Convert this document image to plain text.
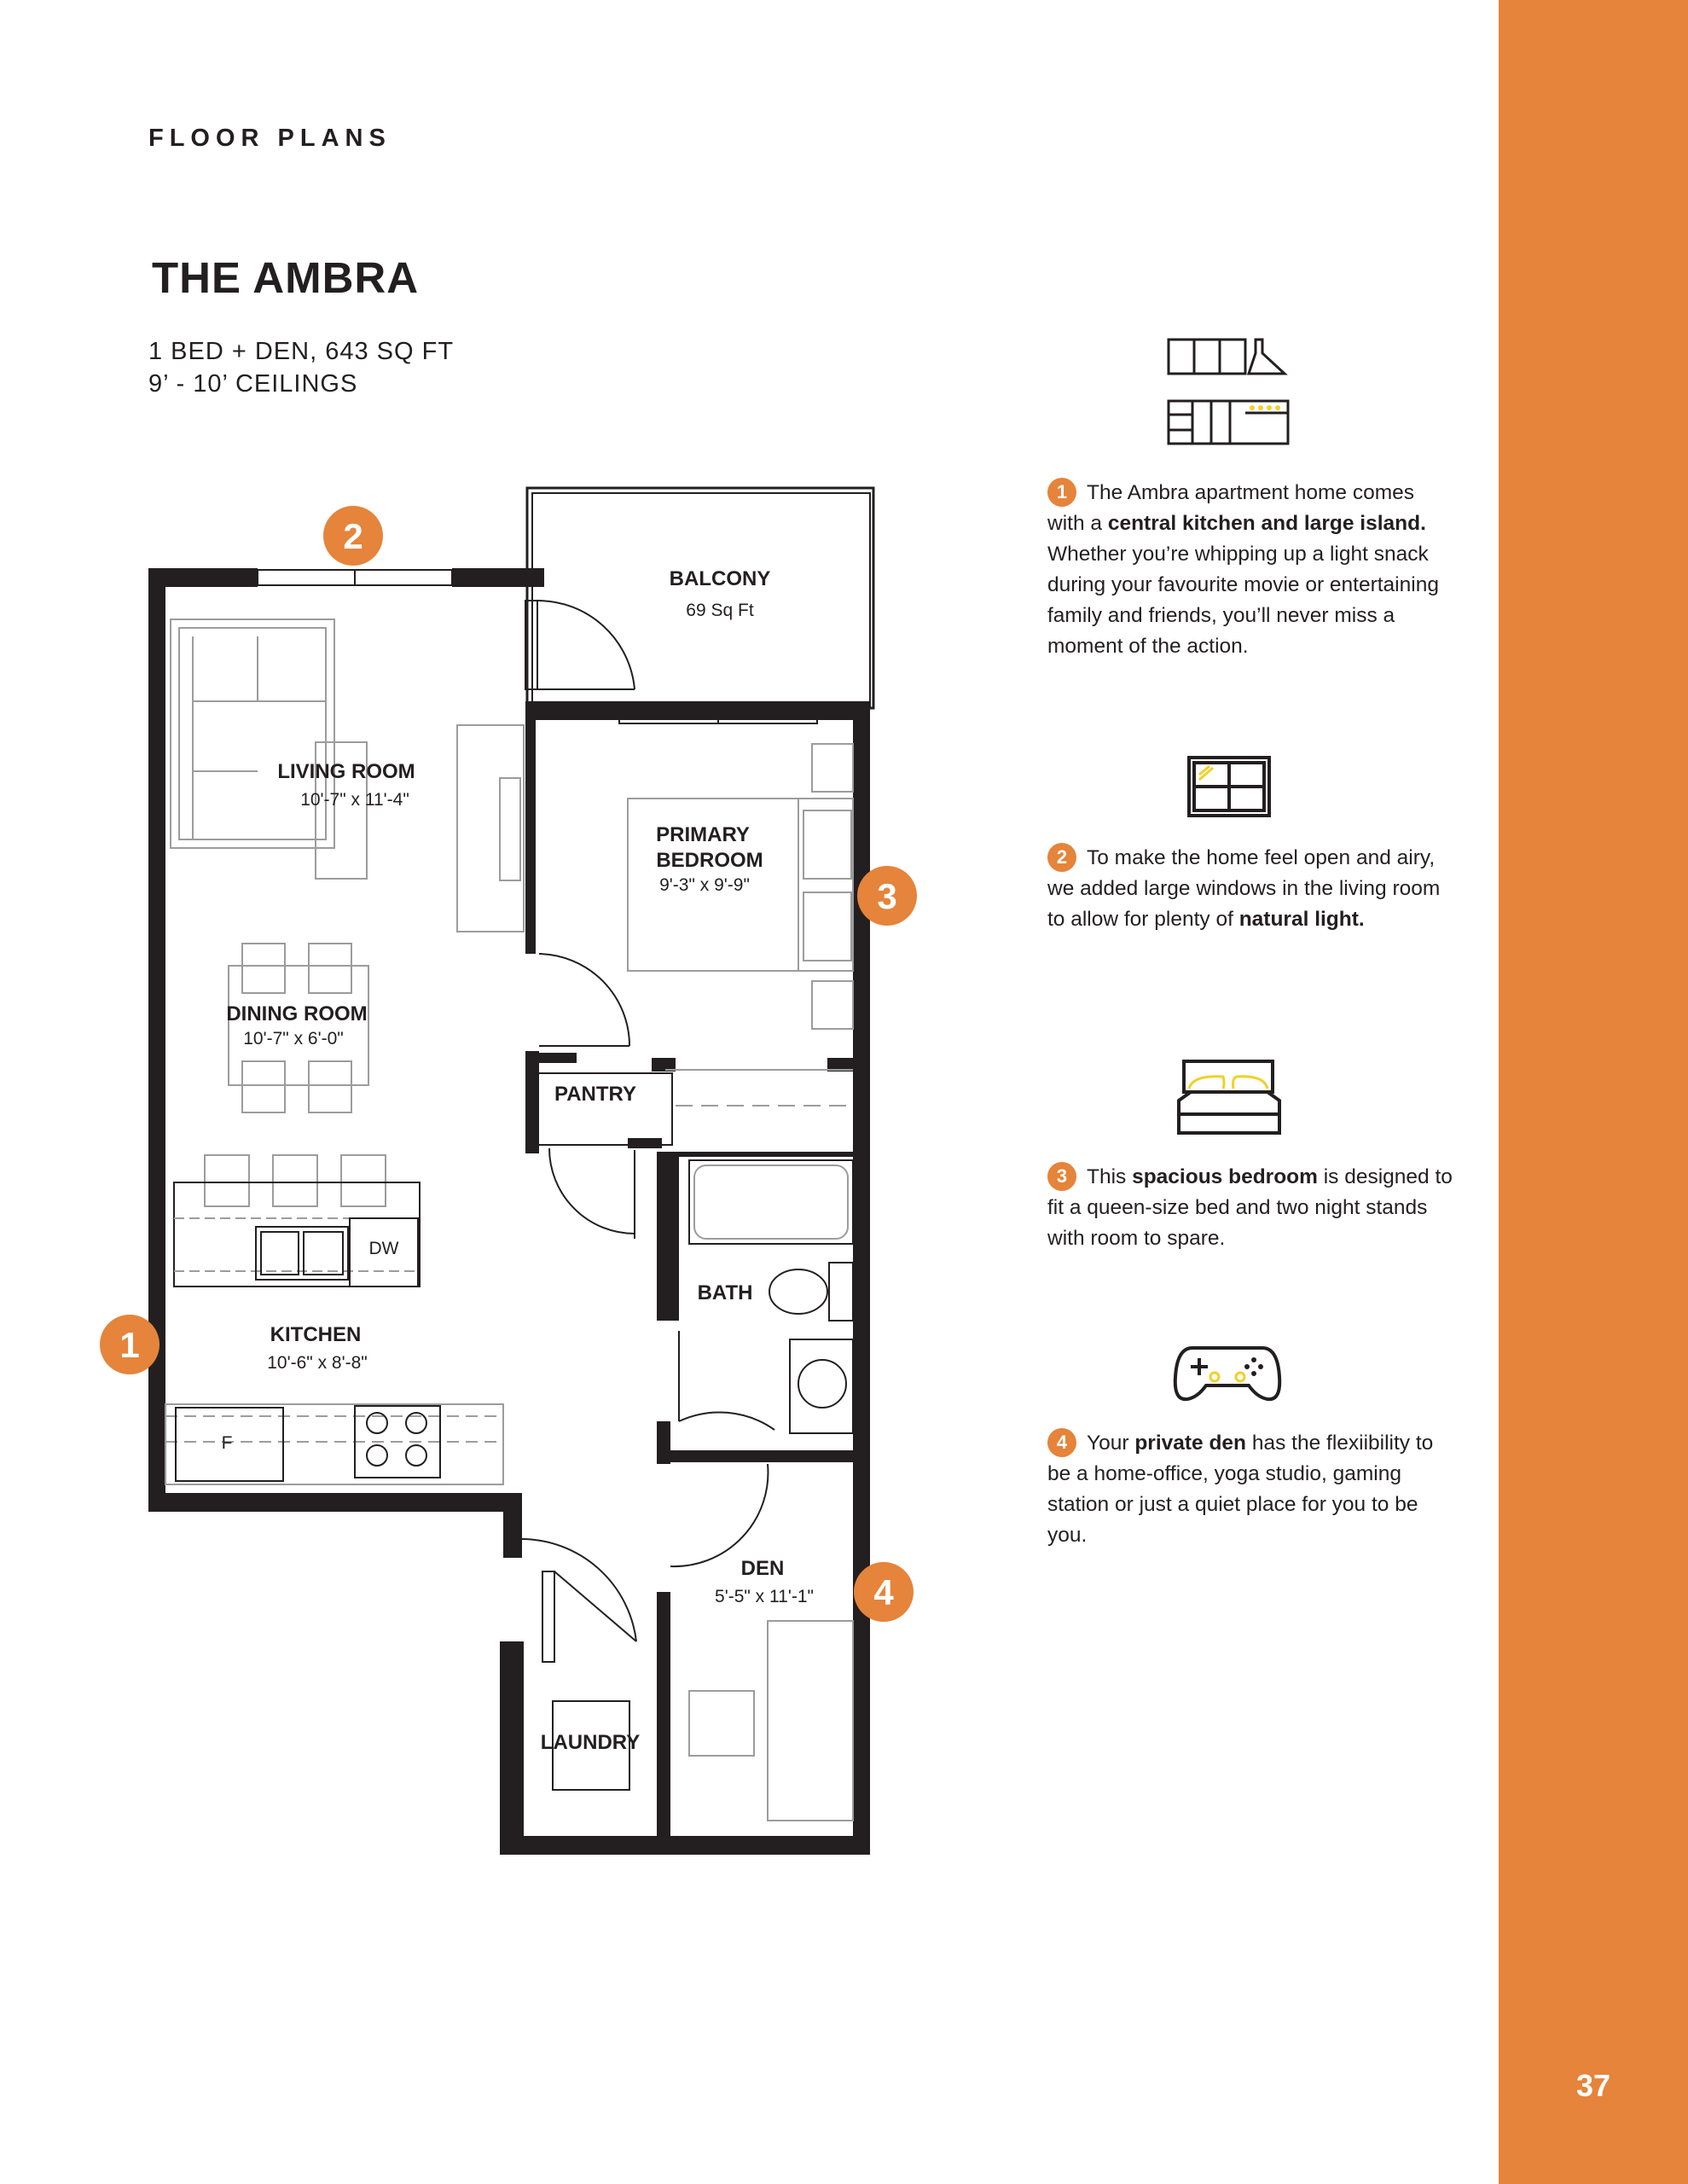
37
FLOOR PLANS
THE AMBRA
1 BED + DEN, 643 SQ FT
9’ - 10’ CEILINGS
DW
F
BALCONY
69 Sq Ft
LIVING ROOM
10'-7" x 11'-4"
PRIMARY
BEDROOM
9'-3" x 9'-9"
DINING ROOM
10'-7" x 6'-0"
PANTRY
BATH
KITCHEN
10'-6" x 8'-8"
DEN
5'-5" x 11'-1"
LAUNDRY
2
3
1
4
1 The Ambra apartment home comes with a central kitchen and large island. Whether you’re whipping up a light snack during your favourite movie or entertaining family and friends, you’ll never miss a moment of the action.
2 To make the home feel open and airy, we added large windows in the living room to allow for plenty of natural light.
3 This spacious bedroom is designed to fit a queen-size bed and two night stands with room to spare.
4 Your private den has the flexiibility to be a home-office, yoga studio, gaming station or just a quiet place for you to be you.
